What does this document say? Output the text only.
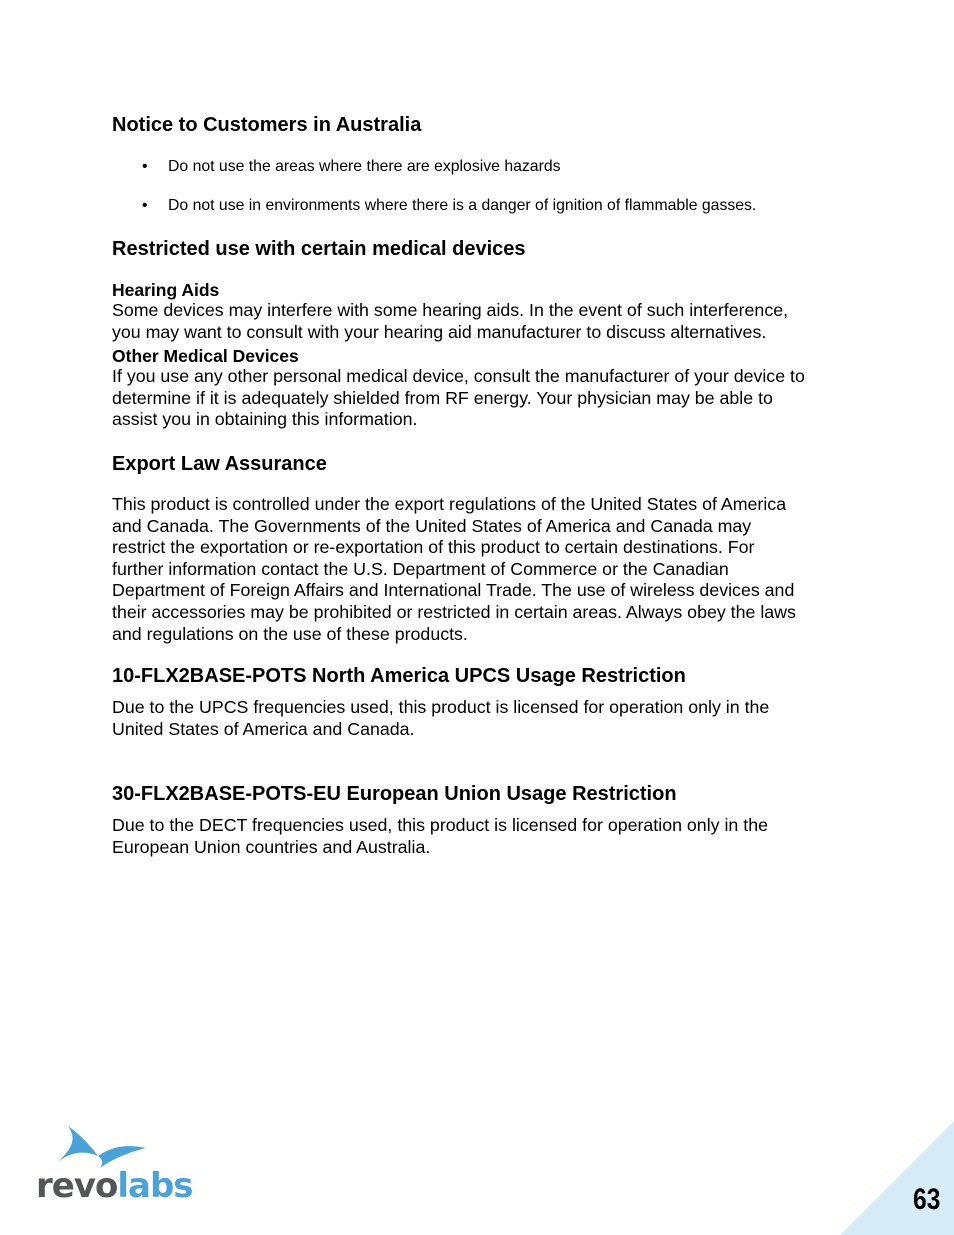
Notice to Customers in Australia
• Do not use the areas where there are explosive hazards
• Do not use in environments where there is a danger of ignition of flammable gasses.
Restricted use with certain medical devices
Hearing Aids
Some devices may interfere with some hearing aids. In the event of such interference,
you may want to consult with your hearing aid manufacturer to discuss alternatives.
Other Medical Devices
If you use any other personal medical device, consult the manufacturer of your device to
determine if it is adequately shielded from RF energy. Your physician may be able to
assist you in obtaining this information.
Export Law Assurance
This product is controlled under the export regulations of the United States of America
and Canada. The Governments of the United States of America and Canada may
restrict the exportation or re-exportation of this product to certain destinations. For
further information contact the U.S. Department of Commerce or the Canadian
Department of Foreign Affairs and International Trade. The use of wireless devices and
their accessories may be prohibited or restricted in certain areas. Always obey the laws
and regulations on the use of these products.
10-FLX2BASE-POTS North America UPCS Usage Restriction
Due to the UPCS frequencies used, this product is licensed for operation only in the
United States of America and Canada.
30-FLX2BASE-POTS-EU European Union Usage Restriction
Due to the DECT frequencies used, this product is licensed for operation only in the
European Union countries and Australia.
revolabs	63
